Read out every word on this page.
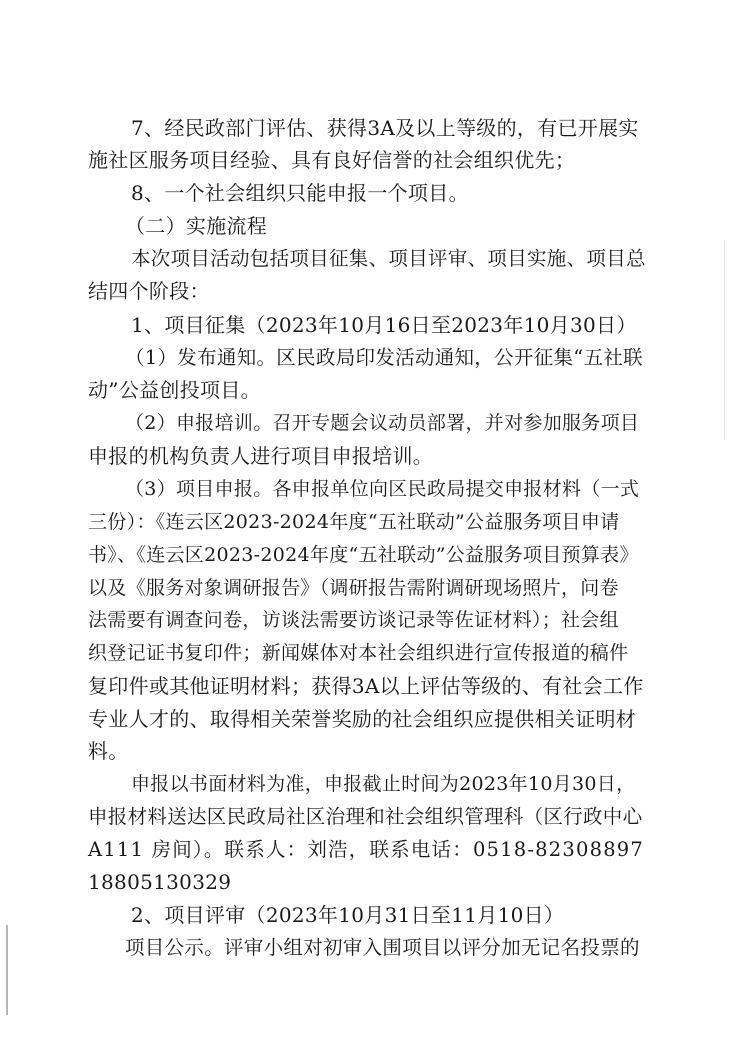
7、经民政部门评估、获得3A及以上等级的，有已开展实
施社区服务项目经验、具有良好信誉的社会组织优先；
8、一个社会组织只能申报一个项目。
（二）实施流程
本次项目活动包括项目征集、项目评审、项目实施、项目总
结四个阶段：
1、项目征集（2023年10月16日至2023年10月30日）
（1）发布通知。区民政局印发活动通知，公开征集“五社联
动”公益创投项目。
（2）申报培训。召开专题会议动员部署，并对参加服务项目
申报的机构负责人进行项目申报培训。
（3）项目申报。各申报单位向区民政局提交申报材料（一式
三份）：《连云区2023-2024年度“五社联动”公益服务项目申请
书》、《连云区2023-2024年度“五社联动”公益服务项目预算表》
以及《服务对象调研报告》（调研报告需附调研现场照片，问卷
法需要有调查问卷，访谈法需要访谈记录等佐证材料）；社会组
织登记证书复印件；新闻媒体对本社会组织进行宣传报道的稿件
复印件或其他证明材料；获得3A以上评估等级的、有社会工作
专业人才的、取得相关荣誉奖励的社会组织应提供相关证明材
料。
申报以书面材料为准，申报截止时间为2023年10月30日，
申报材料送达区民政局社区治理和社会组织管理科（区行政中心
A111 房间）。联系人：刘浩，联系电话：0518-82308897
18805130329
2、项目评审（2023年10月31日至11月10日）
项目公示。评审小组对初审入围项目以评分加无记名投票的
